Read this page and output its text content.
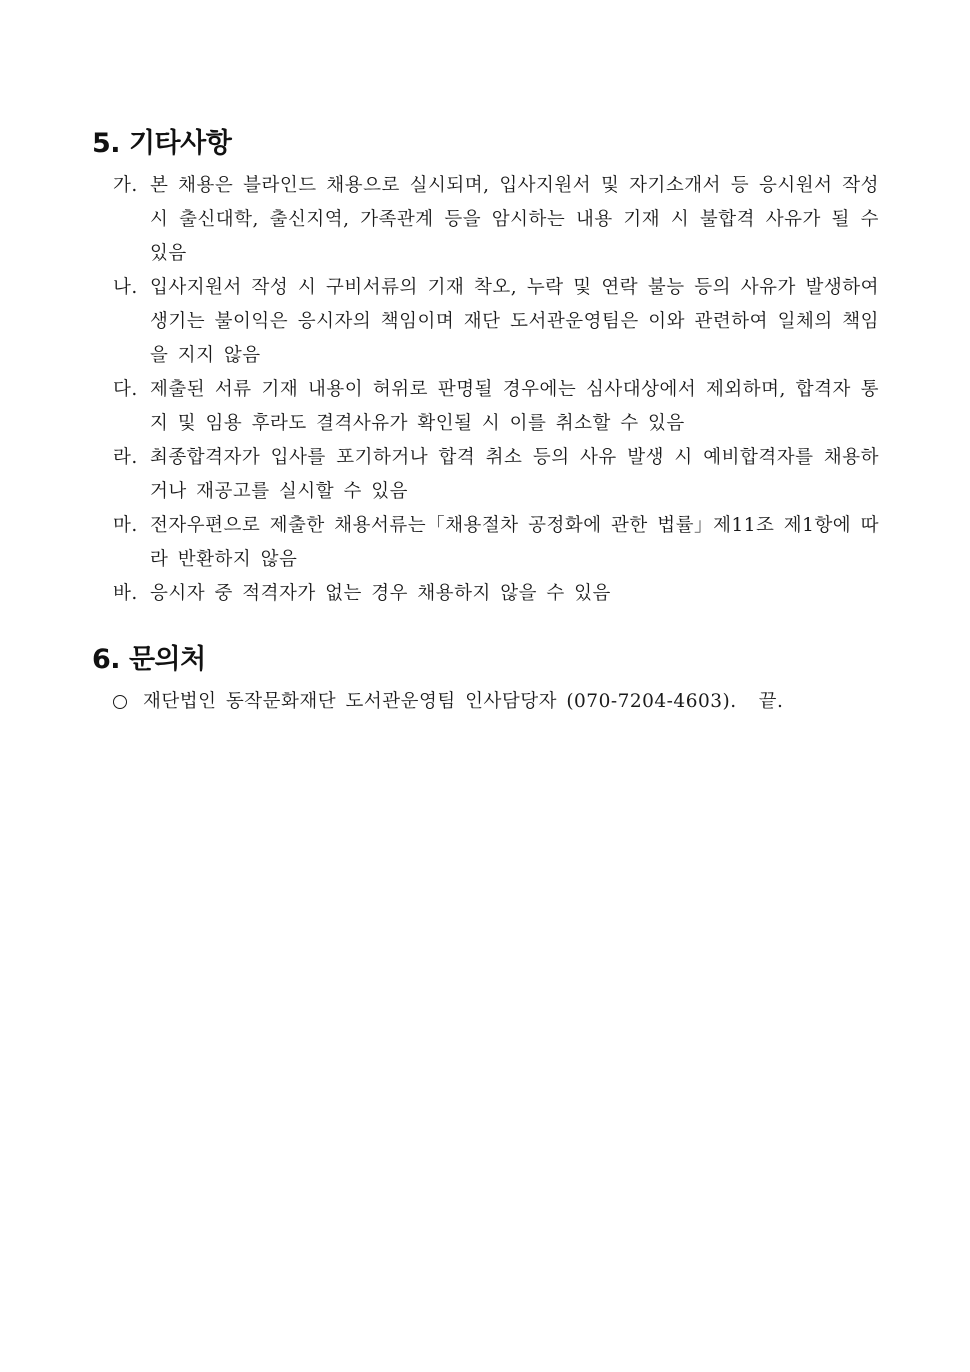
5. 기타사항
가. 본 채용은 블라인드 채용으로 실시되며, 입사지원서 및 자기소개서 등 응시원서 작성 시 출신대학, 출신지역, 가족관계 등을 암시하는 내용 기재 시 불합격 사유가 될 수 있음
나. 입사지원서 작성 시 구비서류의 기재 착오, 누락 및 연락 불능 등의 사유가 발생하여 생기는 불이익은 응시자의 책임이며 재단 도서관운영팀은 이와 관련하여 일체의 책임을 지지 않음
다. 제출된 서류 기재 내용이 허위로 판명될 경우에는 심사대상에서 제외하며, 합격자 통지 및 임용 후라도 결격사유가 확인될 시 이를 취소할 수 있음
라. 최종합격자가 입사를 포기하거나 합격 취소 등의 사유 발생 시 예비합격자를 채용하거나 재공고를 실시할 수 있음
마. 전자우편으로 제출한 채용서류는「채용절차 공정화에 관한 법률」제11조 제1항에 따라 반환하지 않음
바. 응시자 중 적격자가 없는 경우 채용하지 않을 수 있음
6. 문의처
재단법인 동작문화재단 도서관운영팀 인사담당자 (070-7204-4603). 끝.
